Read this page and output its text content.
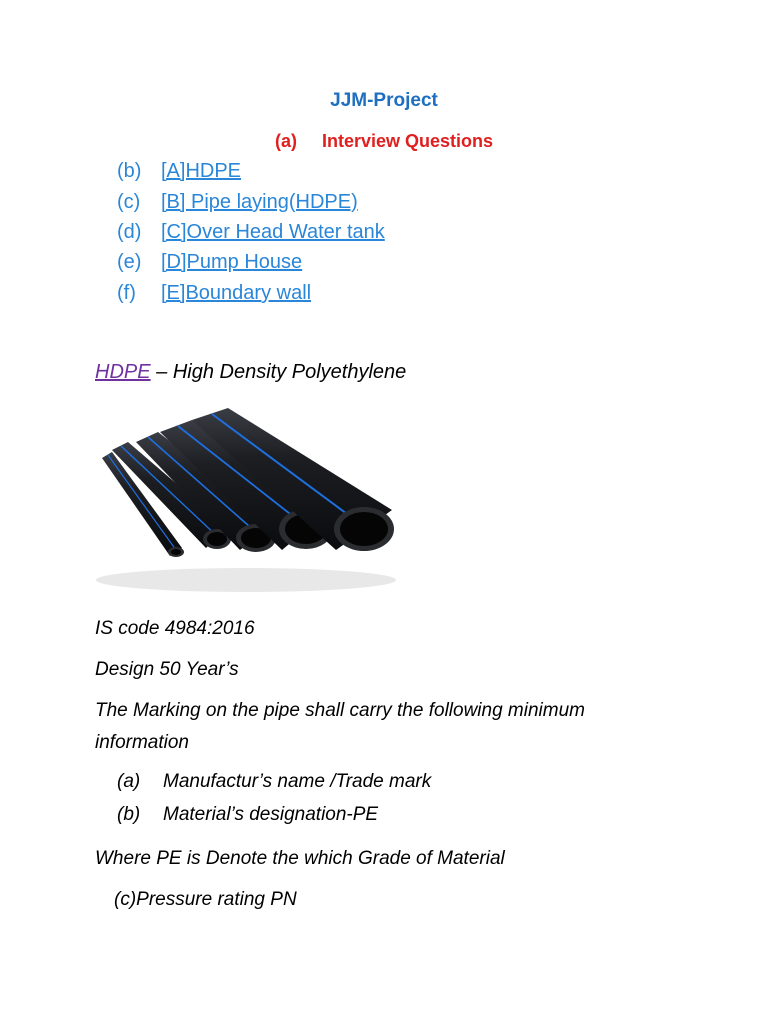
JJM-Project
(a) Interview Questions
(b) [A]HDPE
(c) [B] Pipe laying(HDPE)
(d) [C]Over Head Water tank
(e) [D]Pump House
(f) [E]Boundary wall
HDPE – High Density Polyethylene
IS code 4984:2016
Design 50 Year’s
The Marking on the pipe shall carry the following minimum
information
(a) Manufactur’s name /Trade mark
(b) Material’s designation-PE
Where PE is Denote the which Grade of Material
(c)Pressure rating PN
